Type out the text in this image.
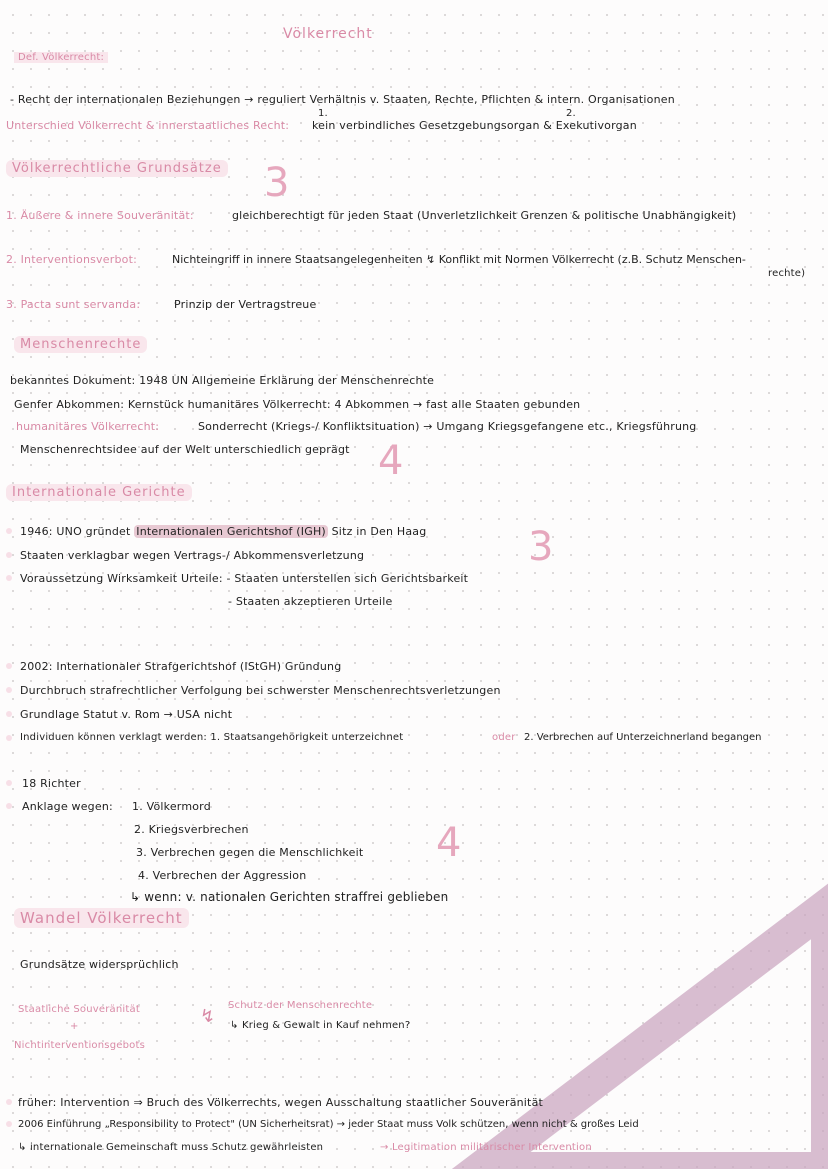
Völkerrecht
Def. Völkerrecht:
- Recht der internationalen Beziehungen → reguliert Verhältnis v. Staaten, Rechte, Pflichten & intern. Organisationen
1.	2.
Unterschied Völkerrecht & innerstaatliches Recht: kein verbindliches Gesetzgebungsorgan & Exekutivorgan
Völkerrechtliche Grundsätze 3
1. Äußere & innere Souveränität:	gleichberechtigt für jeden Staat (Unverletzlichkeit Grenzen & politische Unabhängigkeit)
2. Interventionsverbot:	Nichteingriff in innere Staatsangelegenheiten ↯ Konflikt mit Normen Völkerrecht (z.B. Schutz Menschen-
rechte)
3. Pacta sunt servanda:	Prinzip der Vertragstreue
Menschenrechte
bekanntes Dokument: 1948 UN Allgemeine Erklärung der Menschenrechte
Genfer Abkommen: Kernstück humanitäres Völkerrecht: 4 Abkommen → fast alle Staaten gebunden
humanitäres Völkerrecht:	Sonderrecht (Kriegs-/ Konfliktsituation) → Umgang Kriegsgefangene etc., Kriegsführung
Menschenrechtsidee auf der Welt unterschiedlich geprägt 4
Internationale Gerichte
1946: UNO gründet Internationalen Gerichtshof (IGH) Sitz in Den Haag
Staaten verklagbar wegen Vertrags-/ Abkommensverletzung
Voraussetzung Wirksamkeit Urteile: - Staaten unterstellen sich Gerichtsbarkeit
- Staaten akzeptieren Urteile
3
2002: Internationaler Strafgerichtshof (IStGH) Gründung
Durchbruch strafrechtlicher Verfolgung bei schwerster Menschenrechtsverletzungen
Grundlage Statut v. Rom → USA nicht
Individuen können verklagt werden: 1. Staatsangehörigkeit unterzeichnet	oder 2. Verbrechen auf Unterzeichnerland begangen
18 Richter
Anklage wegen: 1. Völkermord
2. Kriegsverbrechen
3. Verbrechen gegen die Menschlichkeit
4. Verbrechen der Aggression
↳ wenn: v. nationalen Gerichten straffrei geblieben
4
Wandel Völkerrecht
Grundsätze widersprüchlich
Staatliche Souveränität
+
Nichtinterventionsgebots
↯
Schutz der Menschenrechte
↳ Krieg & Gewalt in Kauf nehmen?
früher: Intervention ⇒ Bruch des Völkerrechts, wegen Ausschaltung staatlicher Souveränität
2006 Einführung „Responsibility to Protect" (UN Sicherheitsrat) → jeder Staat muss Volk schützen, wenn nicht & großes Leid
↳ internationale Gemeinschaft muss Schutz gewährleisten	→ Legitimation militärischer Intervention
